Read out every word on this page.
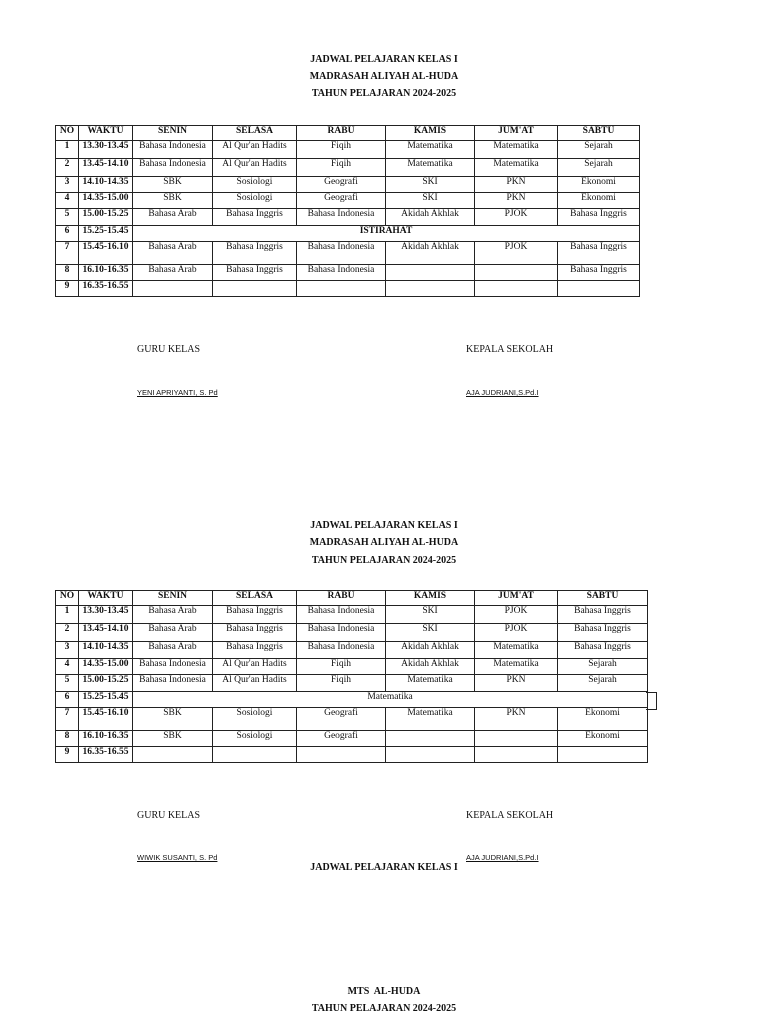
JADWAL PELAJARAN KELAS I
MADRASAH ALIYAH AL-HUDA
TAHUN PELAJARAN 2024-2025
NO	WAKTU	SENIN	SELASA	RABU	KAMIS	JUM'AT	SABTU
1	13.30-13.45	Bahasa Indonesia	Al Qur'an Hadits	Fiqih	Matematika	Matematika	Sejarah
2	13.45-14.10	Bahasa Indonesia	Al Qur'an Hadits	Fiqih	Matematika	Matematika	Sejarah
3	14.10-14.35	SBK	Sosiologi	Geografi	SKI	PKN	Ekonomi
4	14.35-15.00	SBK	Sosiologi	Geografi	SKI	PKN	Ekonomi
5	15.00-15.25	Bahasa Arab	Bahasa Inggris	Bahasa Indonesia	Akidah Akhlak	PJOK	Bahasa Inggris
6	15.25-15.45	ISTIRAHAT					
7	15.45-16.10	Bahasa Arab	Bahasa Inggris	Bahasa Indonesia	Akidah Akhlak	PJOK	Bahasa Inggris
8	16.10-16.35	Bahasa Arab	Bahasa Inggris	Bahasa Indonesia			Bahasa Inggris
9	16.35-16.55						
GURU KELAS	KEPALA SEKOLAH
YENI APRIYANTI, S. Pd	AJA JUDRIANI,S.Pd.I
JADWAL PELAJARAN KELAS I
MADRASAH ALIYAH AL-HUDA
TAHUN PELAJARAN 2024-2025
NO	WAKTU	SENIN	SELASA	RABU	KAMIS	JUM'AT	SABTU
1	13.30-13.45	Bahasa Arab	Bahasa Inggris	Bahasa Indonesia	SKI	PJOK	Bahasa Inggris
2	13.45-14.10	Bahasa Arab	Bahasa Inggris	Bahasa Indonesia	SKI	PJOK	Bahasa Inggris
3	14.10-14.35	Bahasa Arab	Bahasa Inggris	Bahasa Indonesia	Akidah Akhlak	Matematika	Bahasa Inggris
4	14.35-15.00	Bahasa Indonesia	Al Qur'an Hadits	Fiqih	Akidah Akhlak	Matematika	Sejarah
5	15.00-15.25	Bahasa Indonesia	Al Qur'an Hadits	Fiqih	Matematika	PKN	Sejarah
6	15.25-15.45	Matematika					
7	15.45-16.10	SBK	Sosiologi	Geografi	Matematika	PKN	Ekonomi
8	16.10-16.35	SBK	Sosiologi	Geografi			Ekonomi
9	16.35-16.55						
GURU KELAS	KEPALA SEKOLAH
WIWIK SUSANTI, S. Pd	AJA JUDRIANI,S.Pd.I
JADWAL PELAJARAN KELAS I
MTS  AL-HUDA
TAHUN PELAJARAN 2024-2025
